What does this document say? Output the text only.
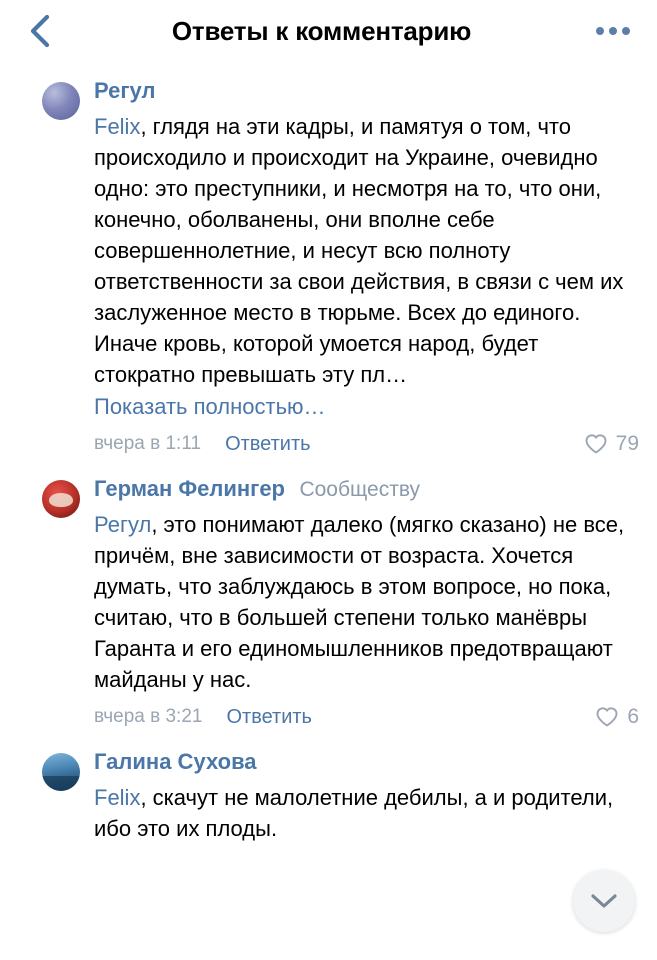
Ответы к комментарию
Регул
Felix, глядя на эти кадры, и памятуя о том, что происходило и происходит на Украине, очевидно одно: это преступники, и несмотря на то, что они, конечно, оболванены, они вполне себе совершеннолетние, и несут всю полноту ответственности за свои действия, в связи с чем их заслуженное место в тюрьме. Всех до единого. Иначе кровь, которой умоется народ, будет стократно превышать эту пл…
Показать полностью…
вчера в 1:11 Ответить	79
Герман Фелингер Сообществу
Регул, это понимают далеко (мягко сказано) не все, причём, вне зависимости от возраста. Хочется думать, что заблуждаюсь в этом вопросе, но пока, считаю, что в большей степени только манёвры Гаранта и его единомышленников предотвращают майданы у нас.
вчера в 3:21 Ответить	6
Галина Сухова
Felix, скачут не малолетние дебилы, а и родители, ибо это их плоды.
